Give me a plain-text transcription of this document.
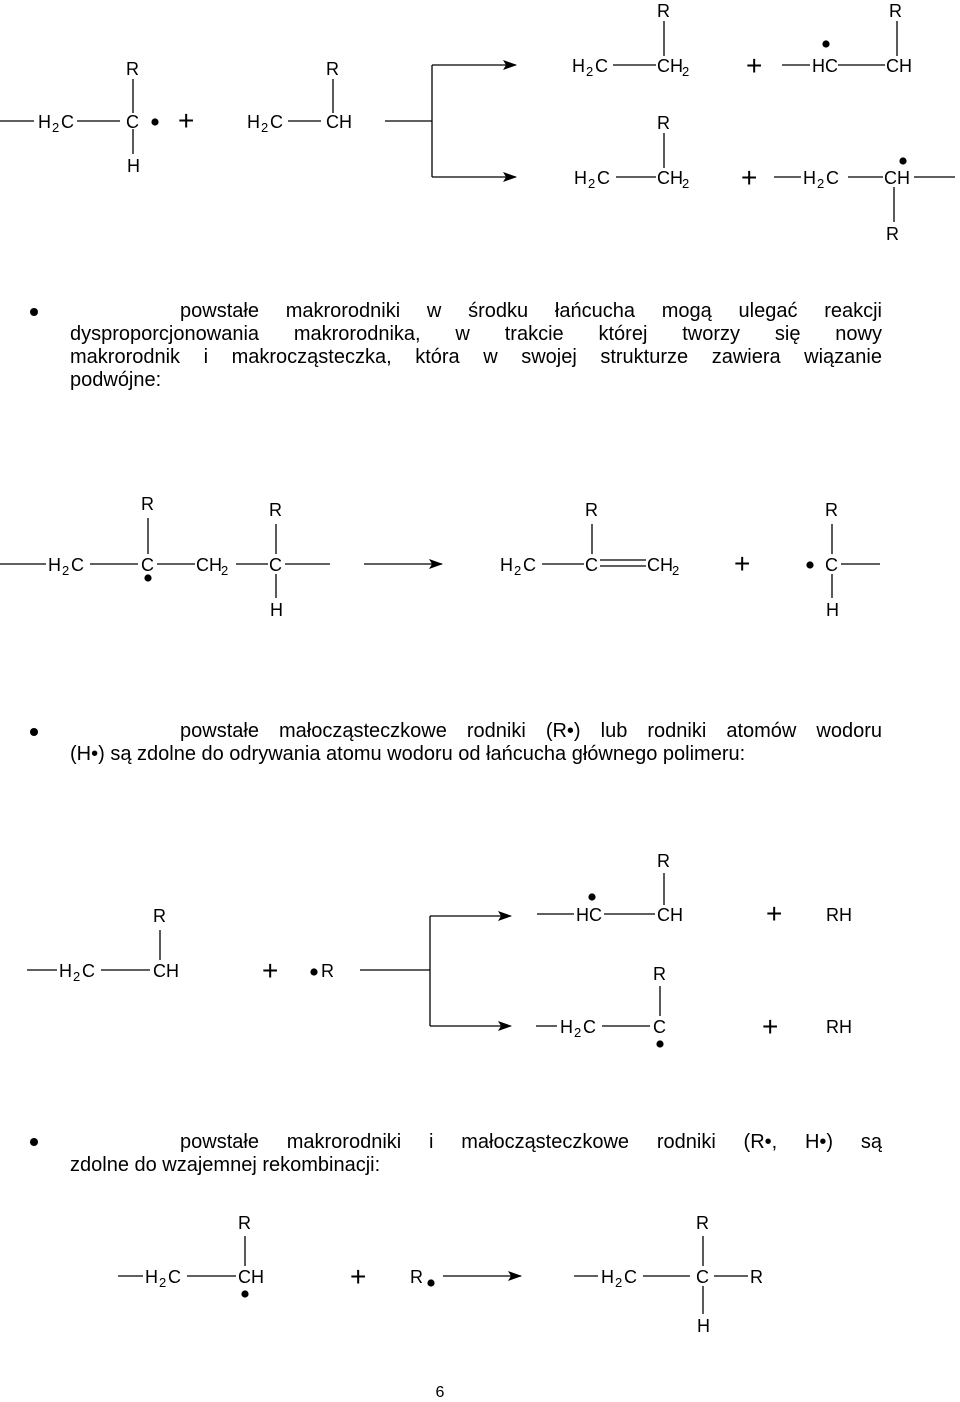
H 2 C	C
R
H
+	H 2 C CH
R	H 2 C	CH 2
R
+	HC	CH
R
H 2 C	CH 2
R
+	H 2 C	CH
R
R	R	R	R
H 2 C	C CH 2 C
H
H 2 C	C	CH 2 +	C
H
R
H 2 C	CH	+ R
R
HC	CH	+ RH
R
H 2 C	C	+	RH
R
H 2 C	CH	+ R
R
H 2 C	C R
H

powstałe makrorodniki w środku łańcucha mogą ulegać reakcji
dysproporcjonowania makrorodnika, w trakcie której tworzy się nowy
makrorodnik i makrocząsteczka, która w swojej strukturze zawiera wiązanie
podwójne:

powstałe małocząsteczkowe rodniki (R•) lub rodniki atomów wodoru
(H•) są zdolne do odrywania atomu wodoru od łańcucha głównego polimeru:

powstałe makrorodniki i małocząsteczkowe rodniki (R•, H•) są
zdolne do wzajemnej rekombinacji:

6
